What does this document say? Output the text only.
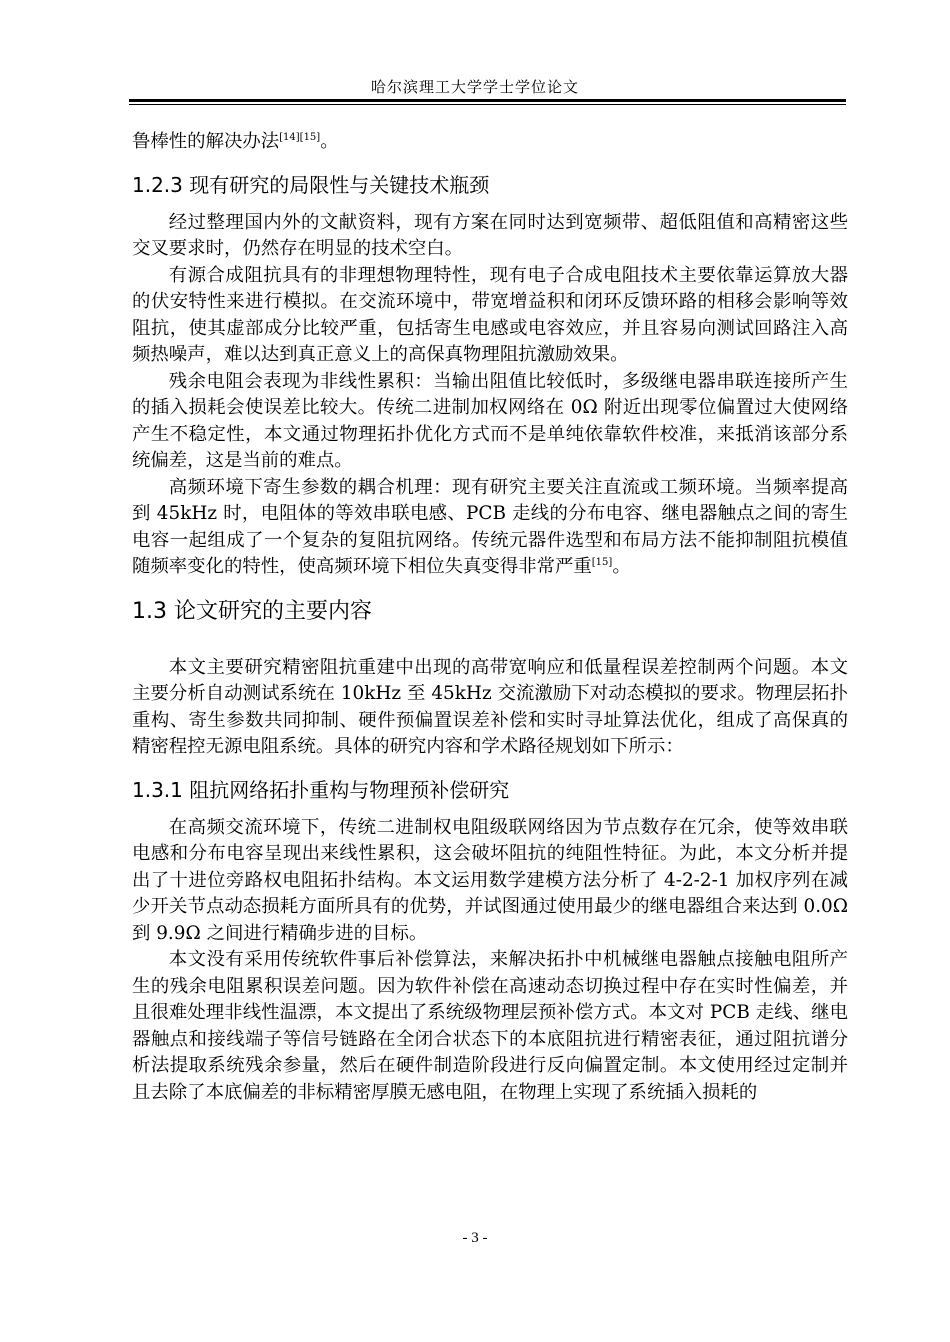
哈尔滨理工大学学士学位论文

鲁棒性的解决办法[14][15]。

1.2.3 现有研究的局限性与关键技术瓶颈

经过整理国内外的文献资料，现有方案在同时达到宽频带、超低阻值和高精密这些交叉要求时，仍然存在明显的技术空白。

有源合成阻抗具有的非理想物理特性，现有电子合成电阻技术主要依靠运算放大器的伏安特性来进行模拟。在交流环境中，带宽增益积和闭环反馈环路的相移会影响等效阻抗，使其虚部成分比较严重，包括寄生电感或电容效应，并且容易向测试回路注入高频热噪声，难以达到真正意义上的高保真物理阻抗激励效果。

残余电阻会表现为非线性累积：当输出阻值比较低时，多级继电器串联连接所产生的插入损耗会使误差比较大。传统二进制加权网络在 0Ω 附近出现零位偏置过大使网络产生不稳定性，本文通过物理拓扑优化方式而不是单纯依靠软件校准，来抵消该部分系统偏差，这是当前的难点。

高频环境下寄生参数的耦合机理：现有研究主要关注直流或工频环境。当频率提高到 45kHz 时，电阻体的等效串联电感、PCB 走线的分布电容、继电器触点之间的寄生电容一起组成了一个复杂的复阻抗网络。传统元器件选型和布局方法不能抑制阻抗模值随频率变化的特性，使高频环境下相位失真变得非常严重[15]。

1.3 论文研究的主要内容

本文主要研究精密阻抗重建中出现的高带宽响应和低量程误差控制两个问题。本文主要分析自动测试系统在 10kHz 至 45kHz 交流激励下对动态模拟的要求。物理层拓扑重构、寄生参数共同抑制、硬件预偏置误差补偿和实时寻址算法优化，组成了高保真的精密程控无源电阻系统。具体的研究内容和学术路径规划如下所示：

1.3.1 阻抗网络拓扑重构与物理预补偿研究

在高频交流环境下，传统二进制权电阻级联网络因为节点数存在冗余，使等效串联电感和分布电容呈现出来线性累积，这会破坏阻抗的纯阻性特征。为此，本文分析并提出了十进位旁路权电阻拓扑结构。本文运用数学建模方法分析了 4-2-2-1 加权序列在减少开关节点动态损耗方面所具有的优势，并试图通过使用最少的继电器组合来达到 0.0Ω 到 9.9Ω 之间进行精确步进的目标。

本文没有采用传统软件事后补偿算法，来解决拓扑中机械继电器触点接触电阻所产生的残余电阻累积误差问题。因为软件补偿在高速动态切换过程中存在实时性偏差，并且很难处理非线性温漂，本文提出了系统级物理层预补偿方式。本文对 PCB 走线、继电器触点和接线端子等信号链路在全闭合状态下的本底阻抗进行精密表征，通过阻抗谱分析法提取系统残余参量，然后在硬件制造阶段进行反向偏置定制。本文使用经过定制并且去除了本底偏差的非标精密厚膜无感电阻，在物理上实现了系统插入损耗的

- 3 -
